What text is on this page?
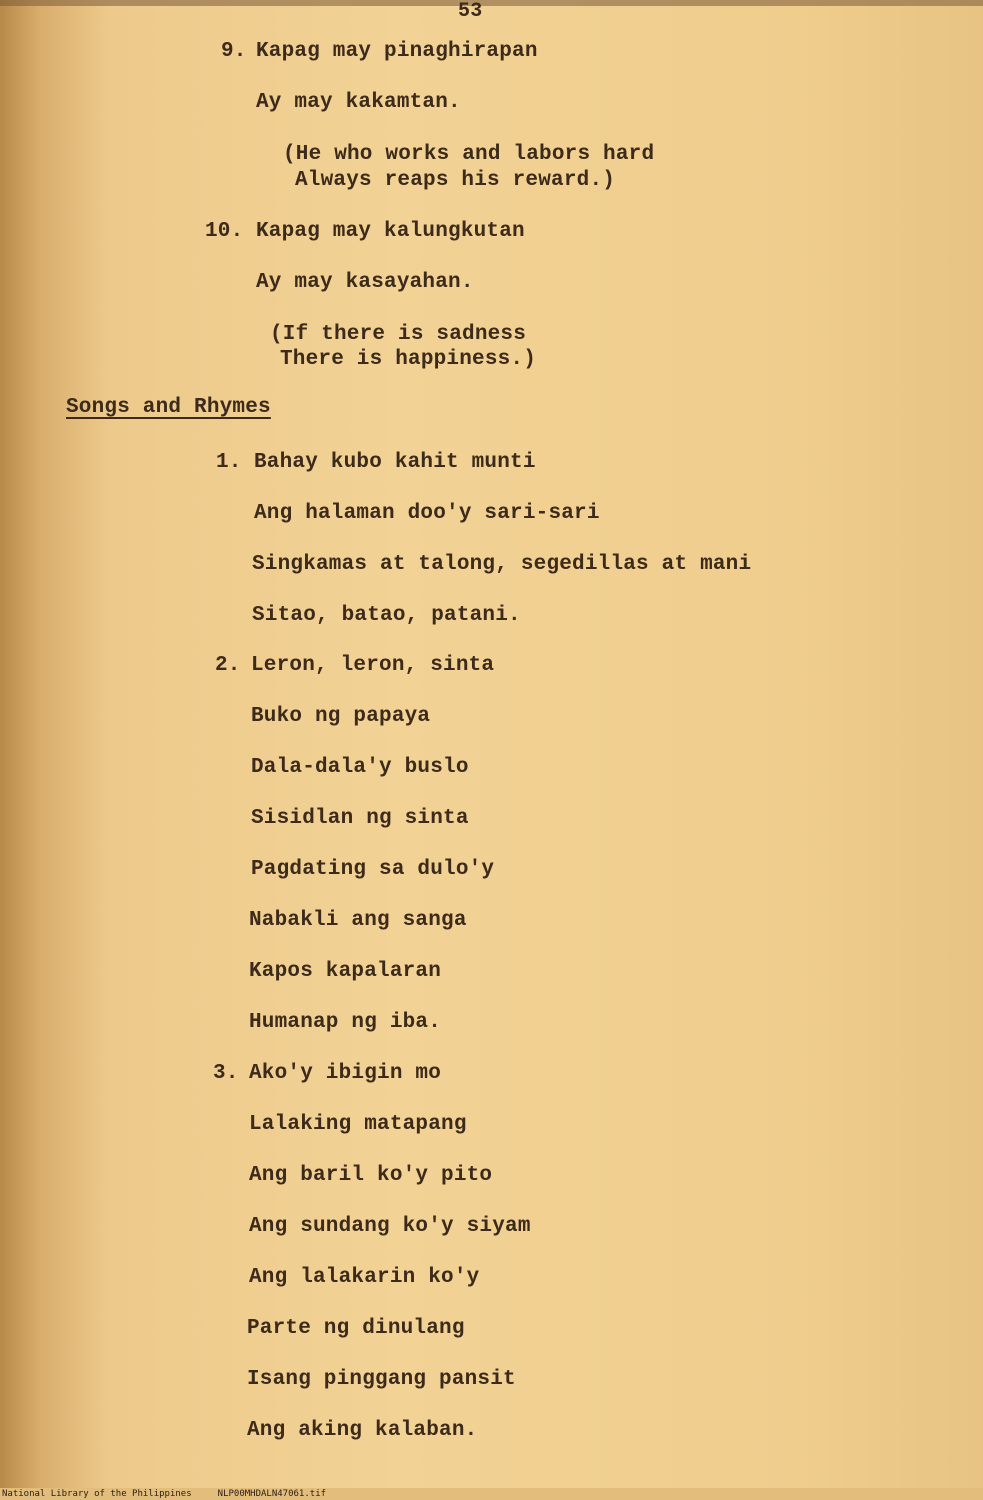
53
9. Kapag may pinaghirapan
Ay may kakamtan.
(He who works and labors hard
Always reaps his reward.)
10. Kapag may kalungkutan
Ay may kasayahan.
(If there is sadness
There is happiness.)
Songs and Rhymes
1. Bahay kubo kahit munti
Ang halaman doo'y sari-sari
Singkamas at talong, segedillas at mani
Sitao, batao, patani.
2. Leron, leron, sinta
Buko ng papaya
Dala-dala'y buslo
Sisidlan ng sinta
Pagdating sa dulo'y
Nabakli ang sanga
Kapos kapalaran
Humanap ng iba.
3. Ako'y ibigin mo
Lalaking matapang
Ang baril ko'y pito
Ang sundang ko'y siyam
Ang lalakarin ko'y
Parte ng dinulang
Isang pinggang pansit
Ang aking kalaban.
National Library of the Philippines	NLP00MHDALN47061.tif
